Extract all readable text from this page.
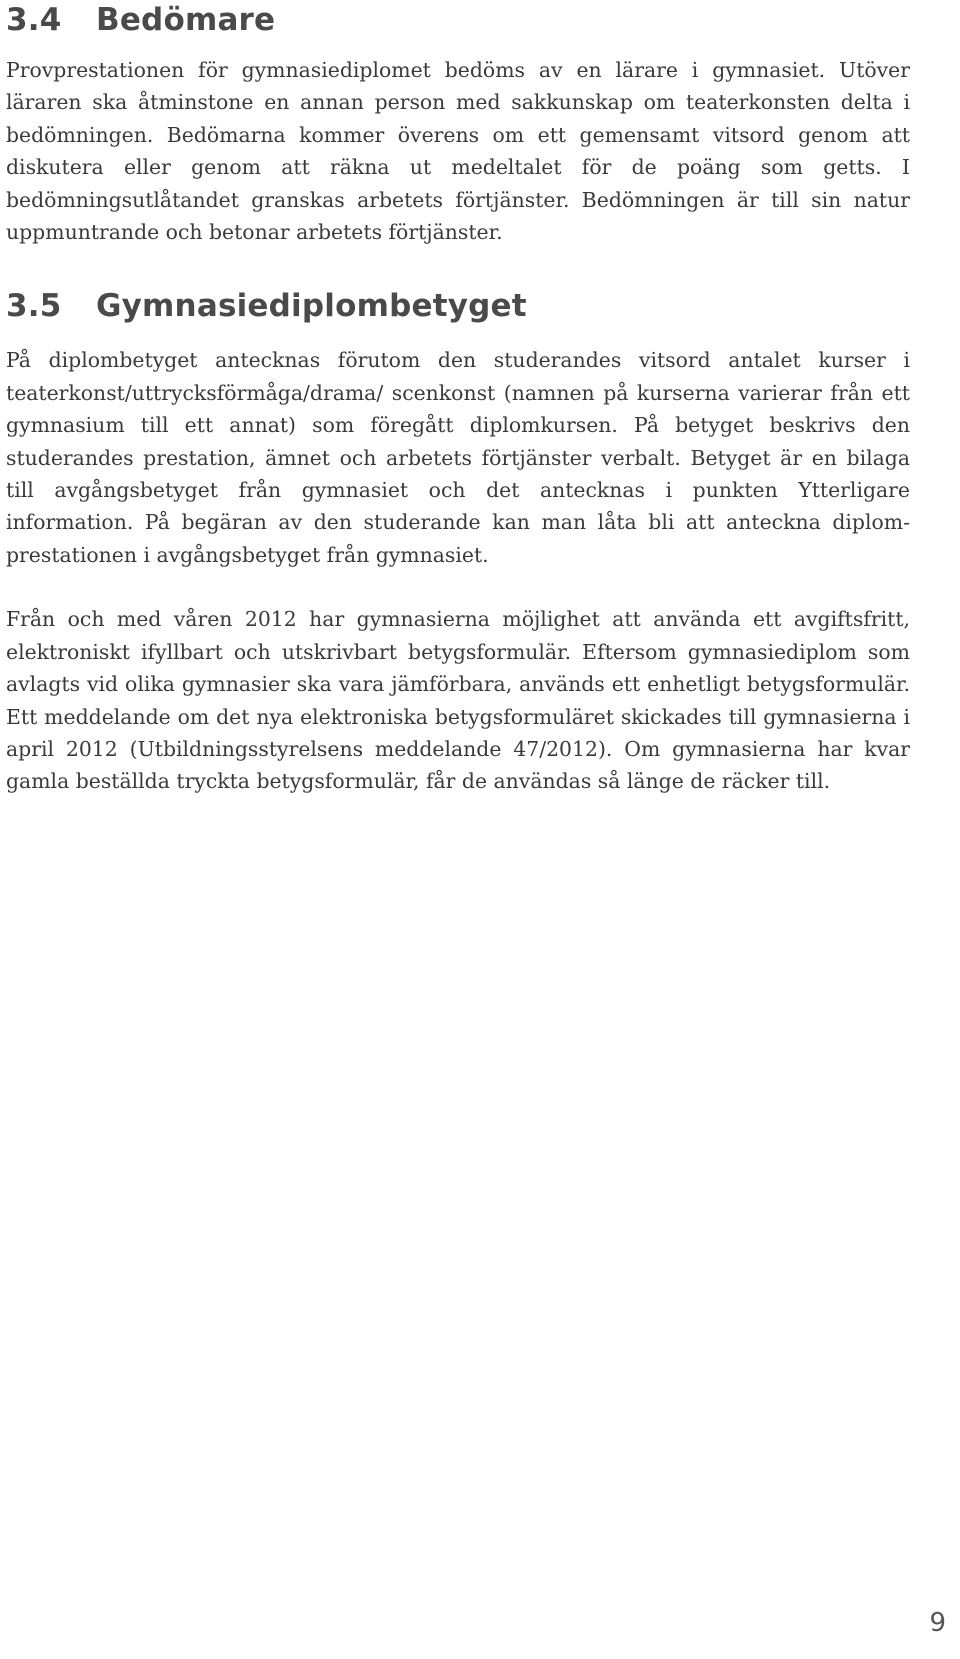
3.4 Bedömare

Provprestationen för gymnasiediplomet bedöms av en lärare i gymnasiet. Utöver läraren ska åtminstone en annan person med sakkunskap om teaterkonsten delta i bedömningen. Bedömarna kommer överens om ett gemensamt vitsord genom att diskutera eller genom att räkna ut medeltalet för de poäng som getts. I bedömningsutlåtandet granskas arbetets förtjänster. Bedömningen är till sin natur uppmuntrande och betonar arbetets förtjänster.

3.5 Gymnasiediplombetyget

På diplombetyget antecknas förutom den studerandes vitsord antalet kurser i teaterkonst/uttrycksförmåga/drama/ scenkonst (namnen på kurserna varierar från ett gymnasium till ett annat) som föregått diplomkursen. På betyget beskrivs den studerandes prestation, ämnet och arbetets förtjänster verbalt. Betyget är en bilaga till avgångsbetyget från gymnasiet och det antecknas i punkten Ytterligare information. På begäran av den studerande kan man låta bli att anteckna diplomprestationen i avgångsbetyget från gymnasiet.

Från och med våren 2012 har gymnasierna möjlighet att använda ett avgiftsfritt, elektroniskt ifyllbart och utskrivbart betygsformulär. Eftersom gymnasiediplom som avlagts vid olika gymnasier ska vara jämförbara, används ett enhetligt betygsformulär. Ett meddelande om det nya elektroniska betygsformuläret skickades till gymnasierna i april 2012 (Utbildningsstyrelsens meddelande 47/2012). Om gymnasierna har kvar gamla beställda tryckta betygsformulär, får de användas så länge de räcker till.

9
